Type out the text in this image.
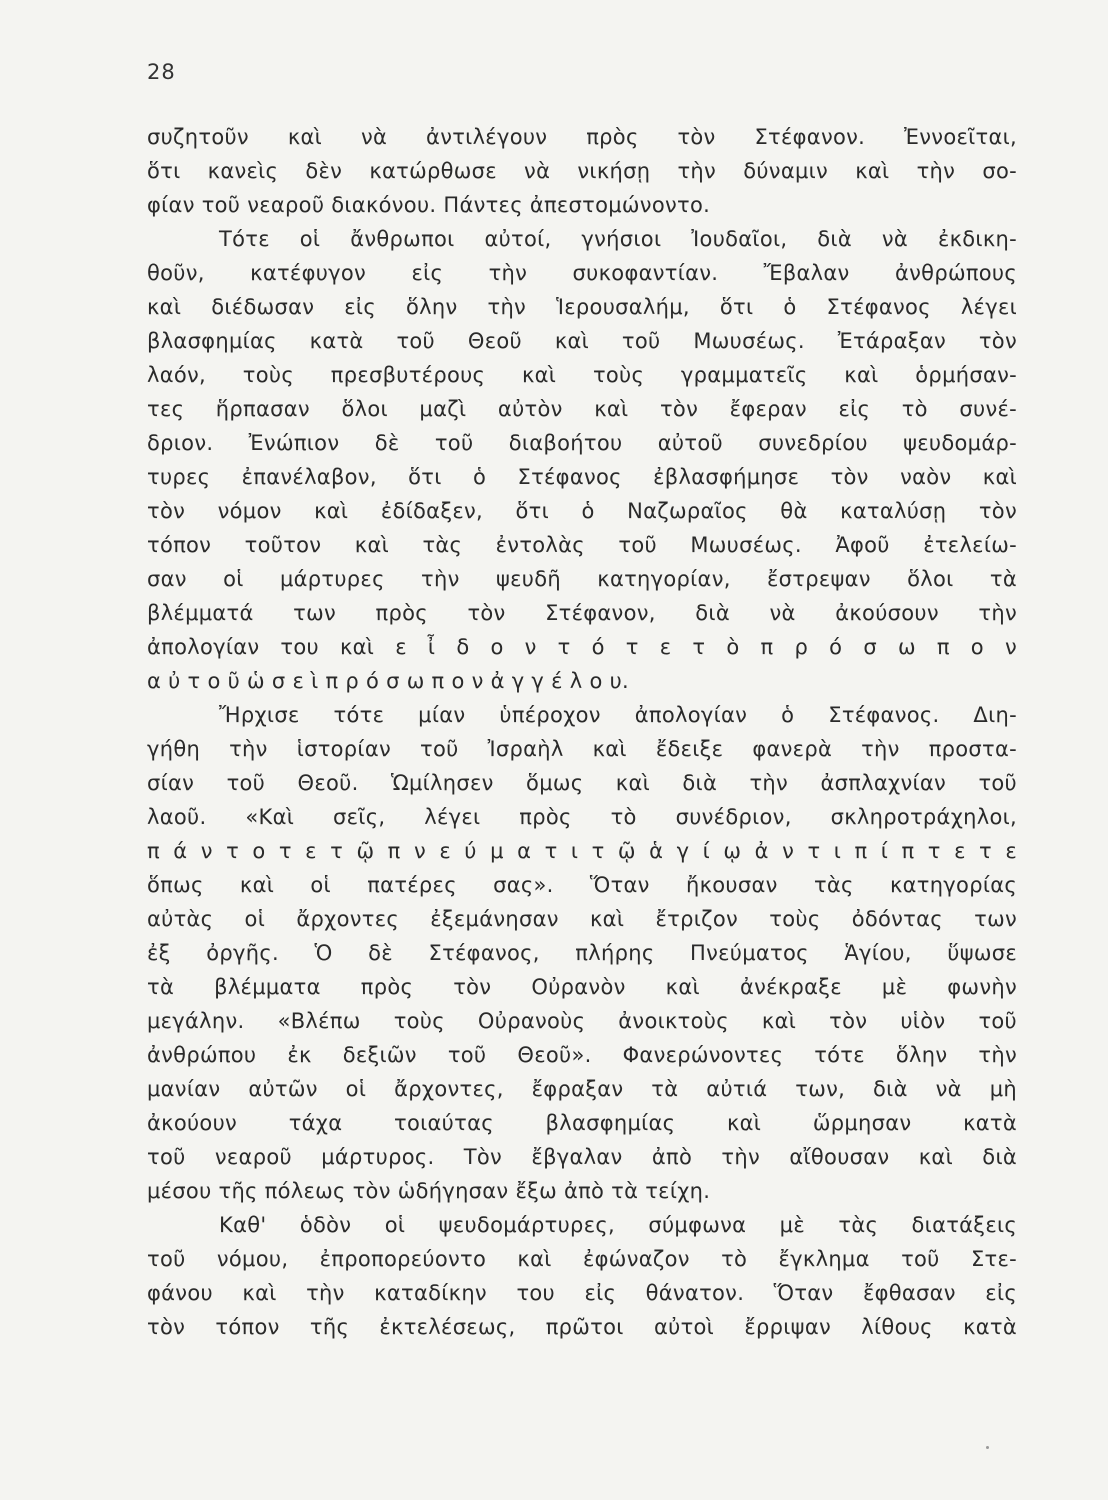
28
συζητοῦν καὶ νὰ ἀντιλέγουν πρὸς τὸν Στέφανον. Ἐννοεῖται,
ὅτι κανεὶς δὲν κατώρθωσε νὰ νικήσῃ τὴν δύναμιν καὶ τὴν σο-
φίαν τοῦ νεαροῦ διακόνου. Πάντες ἀπεστομώνοντο.
Τότε οἱ ἄνθρωποι αὐτοί, γνήσιοι Ἰουδαῖοι, διὰ νὰ ἐκδικη-
θοῦν, κατέφυγον εἰς τὴν συκοφαντίαν. Ἔβαλαν ἀνθρώπους
καὶ διέδωσαν εἰς ὅλην τὴν Ἱερουσαλήμ, ὅτι ὁ Στέφανος λέγει
βλασφημίας κατὰ τοῦ Θεοῦ καὶ τοῦ Μωυσέως. Ἐτάραξαν τὸν
λαόν, τοὺς πρεσβυτέρους καὶ τοὺς γραμματεῖς καὶ ὁρμήσαν-
τες ἥρπασαν ὅλοι μαζὶ αὐτὸν καὶ τὸν ἔφεραν εἰς τὸ συνέ-
δριον. Ἐνώπιον δὲ τοῦ διαβοήτου αὐτοῦ συνεδρίου ψευδομάρ-
τυρες ἐπανέλαβον, ὅτι ὁ Στέφανος ἐβλασφήμησε τὸν ναὸν καὶ
τὸν νόμον καὶ ἐδίδαξεν, ὅτι ὁ Ναζωραῖος θὰ καταλύσῃ τὸν
τόπον τοῦτον καὶ τὰς ἐντολὰς τοῦ Μωυσέως. Ἀφοῦ ἐτελείω-
σαν οἱ μάρτυρες τὴν ψευδῆ κατηγορίαν, ἔστρεψαν ὅλοι τὰ
βλέμματά των πρὸς τὸν Στέφανον, διὰ νὰ ἀκούσουν τὴν
ἀπολογίαν του καὶ ε ἶ δ ο ν τ ό τ ε τ ὸ π ρ ό σ ω π ο ν
α ὐ τ ο ῦ ὡ σ ε ὶ π ρ ό σ ω π ο ν ἀ γ γ έ λ ο υ.
Ἤρχισε τότε μίαν ὑπέροχον ἀπολογίαν ὁ Στέφανος. Διη-
γήθη τὴν ἱστορίαν τοῦ Ἰσραὴλ καὶ ἔδειξε φανερὰ τὴν προστα-
σίαν τοῦ Θεοῦ. Ὡμίλησεν ὅμως καὶ διὰ τὴν ἀσπλαχνίαν τοῦ
λαοῦ. «Καὶ σεῖς, λέγει πρὸς τὸ συνέδριον, σκληροτράχηλοι,
π ά ν τ ο τ ε τ ῷ π ν ε ύ μ α τ ι τ ῷ ἁ γ ί ῳ ἀ ν τ ι π ί π τ ε τ ε
ὅπως καὶ οἱ πατέρες σας». Ὅταν ἤκουσαν τὰς κατηγορίας
αὐτὰς οἱ ἄρχοντες ἐξεμάνησαν καὶ ἔτριζον τοὺς ὀδόντας των
ἐξ ὀργῆς. Ὁ δὲ Στέφανος, πλήρης Πνεύματος Ἁγίου, ὕψωσε
τὰ βλέμματα πρὸς τὸν Οὐρανὸν καὶ ἀνέκραξε μὲ φωνὴν
μεγάλην. «Βλέπω τοὺς Οὐρανοὺς ἀνοικτοὺς καὶ τὸν υἱὸν τοῦ
ἀνθρώπου ἐκ δεξιῶν τοῦ Θεοῦ». Φανερώνοντες τότε ὅλην τὴν
μανίαν αὐτῶν οἱ ἄρχοντες, ἔφραξαν τὰ αὐτιά των, διὰ νὰ μὴ
ἀκούουν τάχα τοιαύτας βλασφημίας καὶ ὥρμησαν κατὰ
τοῦ νεαροῦ μάρτυρος. Τὸν ἔβγαλαν ἀπὸ τὴν αἴθουσαν καὶ διὰ
μέσου τῆς πόλεως τὸν ὡδήγησαν ἔξω ἀπὸ τὰ τείχη.
Καθ' ὁδὸν οἱ ψευδομάρτυρες, σύμφωνα μὲ τὰς διατάξεις
τοῦ νόμου, ἐπροπορεύοντο καὶ ἐφώναζον τὸ ἔγκλημα τοῦ Στε-
φάνου καὶ τὴν καταδίκην του εἰς θάνατον. Ὅταν ἔφθασαν εἰς
τὸν τόπον τῆς ἐκτελέσεως, πρῶτοι αὐτοὶ ἔρριψαν λίθους κατὰ
